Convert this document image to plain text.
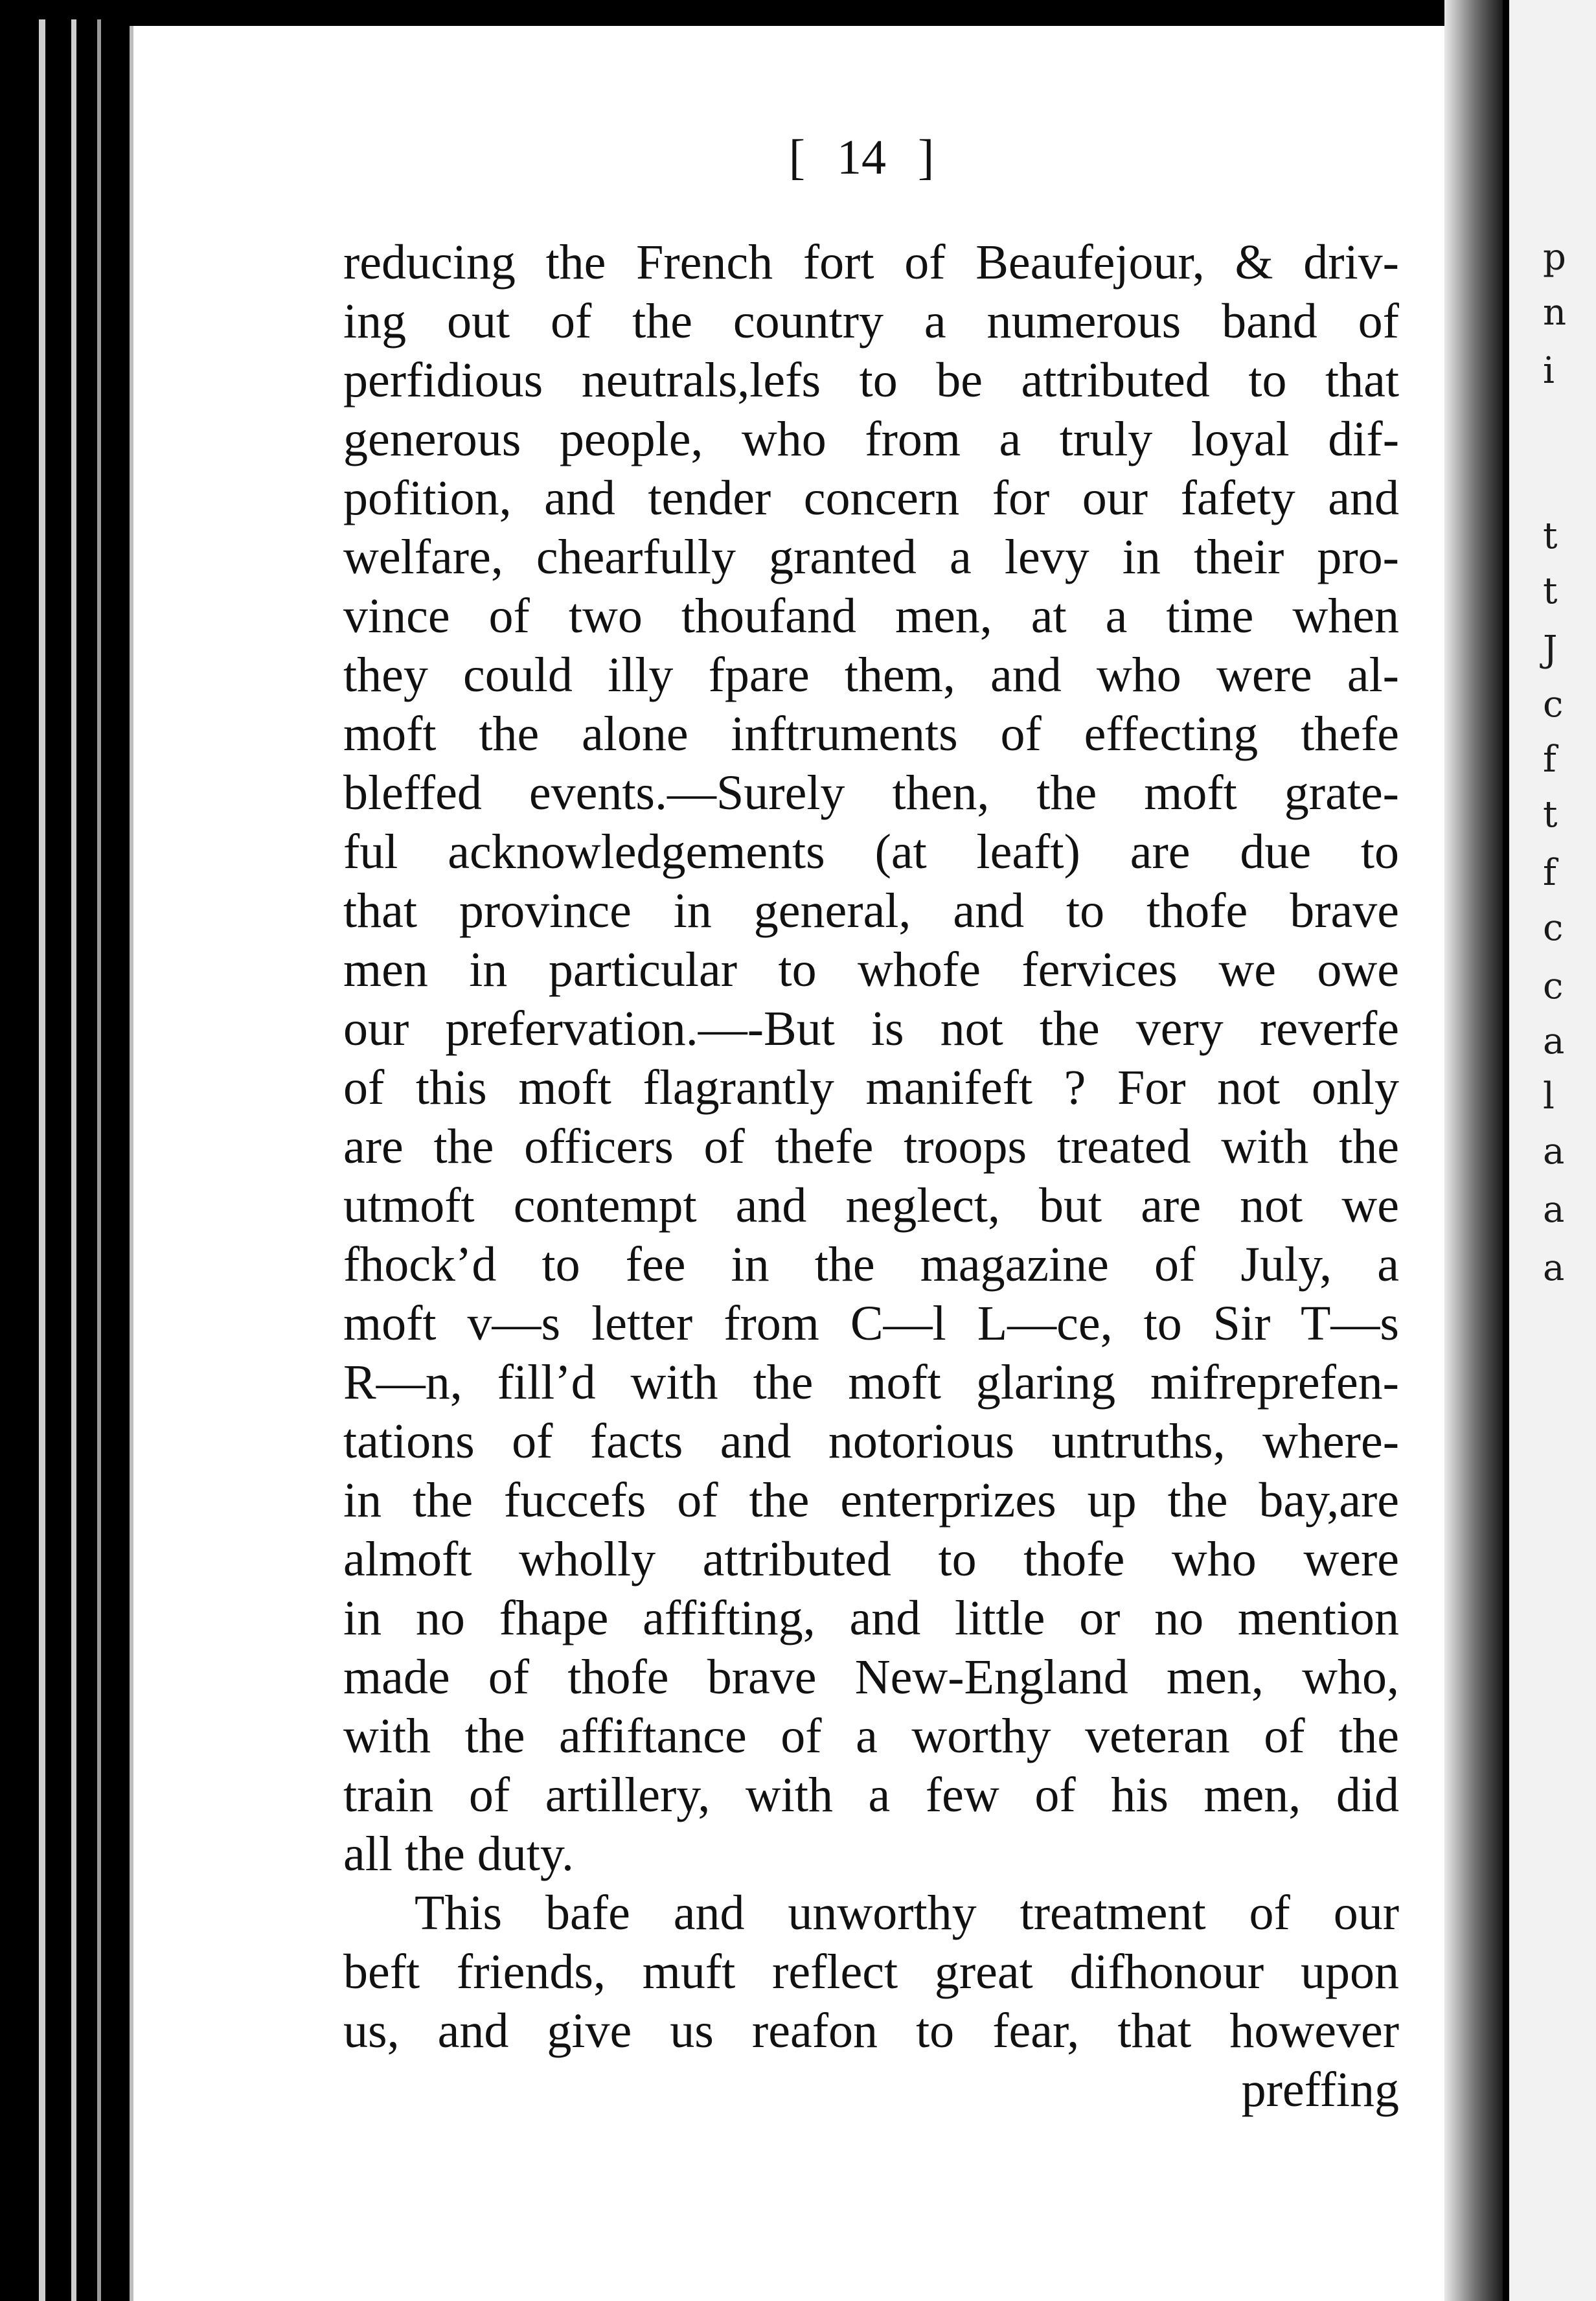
[ 14 ]
reducing the French fort of Beaufejour, & driv-
ing out of the country a numerous band of
perfidious neutrals,lefs to be attributed to that
generous people, who from a truly loyal dif-
pofition, and tender concern for our fafety and
welfare, chearfully granted a levy in their pro-
vince of two thoufand men, at a time when
they could illy fpare them, and who were al-
moft the alone inftruments of effecting thefe
bleffed events.—Surely then, the moft grate-
ful acknowledgements (at leaft) are due to
that province in general, and to thofe brave
men in particular to whofe fervices we owe
our prefervation.—-But is not the very reverfe
of this moft flagrantly manifeft ? For not only
are the officers of thefe troops treated with the
utmoft contempt and neglect, but are not we
fhock’d to fee in the magazine of July, a
moft v—s letter from C—l L—ce, to Sir T—s
R—n, fill’d with the moft glaring mifreprefen-
tations of facts and notorious untruths, where-
in the fuccefs of the enterprizes up the bay,are
almoft wholly attributed to thofe who were
in no fhape affifting, and little or no mention
made of thofe brave New-England men, who,
with the affiftance of a worthy veteran of the
train of artillery, with a few of his men, did
all the duty.
This bafe and unworthy treatment of our
beft friends, muft reflect great difhonour upon
us, and give us reafon to fear, that however
preffing
p
n
i
t
t
J
c
f
t
f
c
c
a
l
a
a
a
